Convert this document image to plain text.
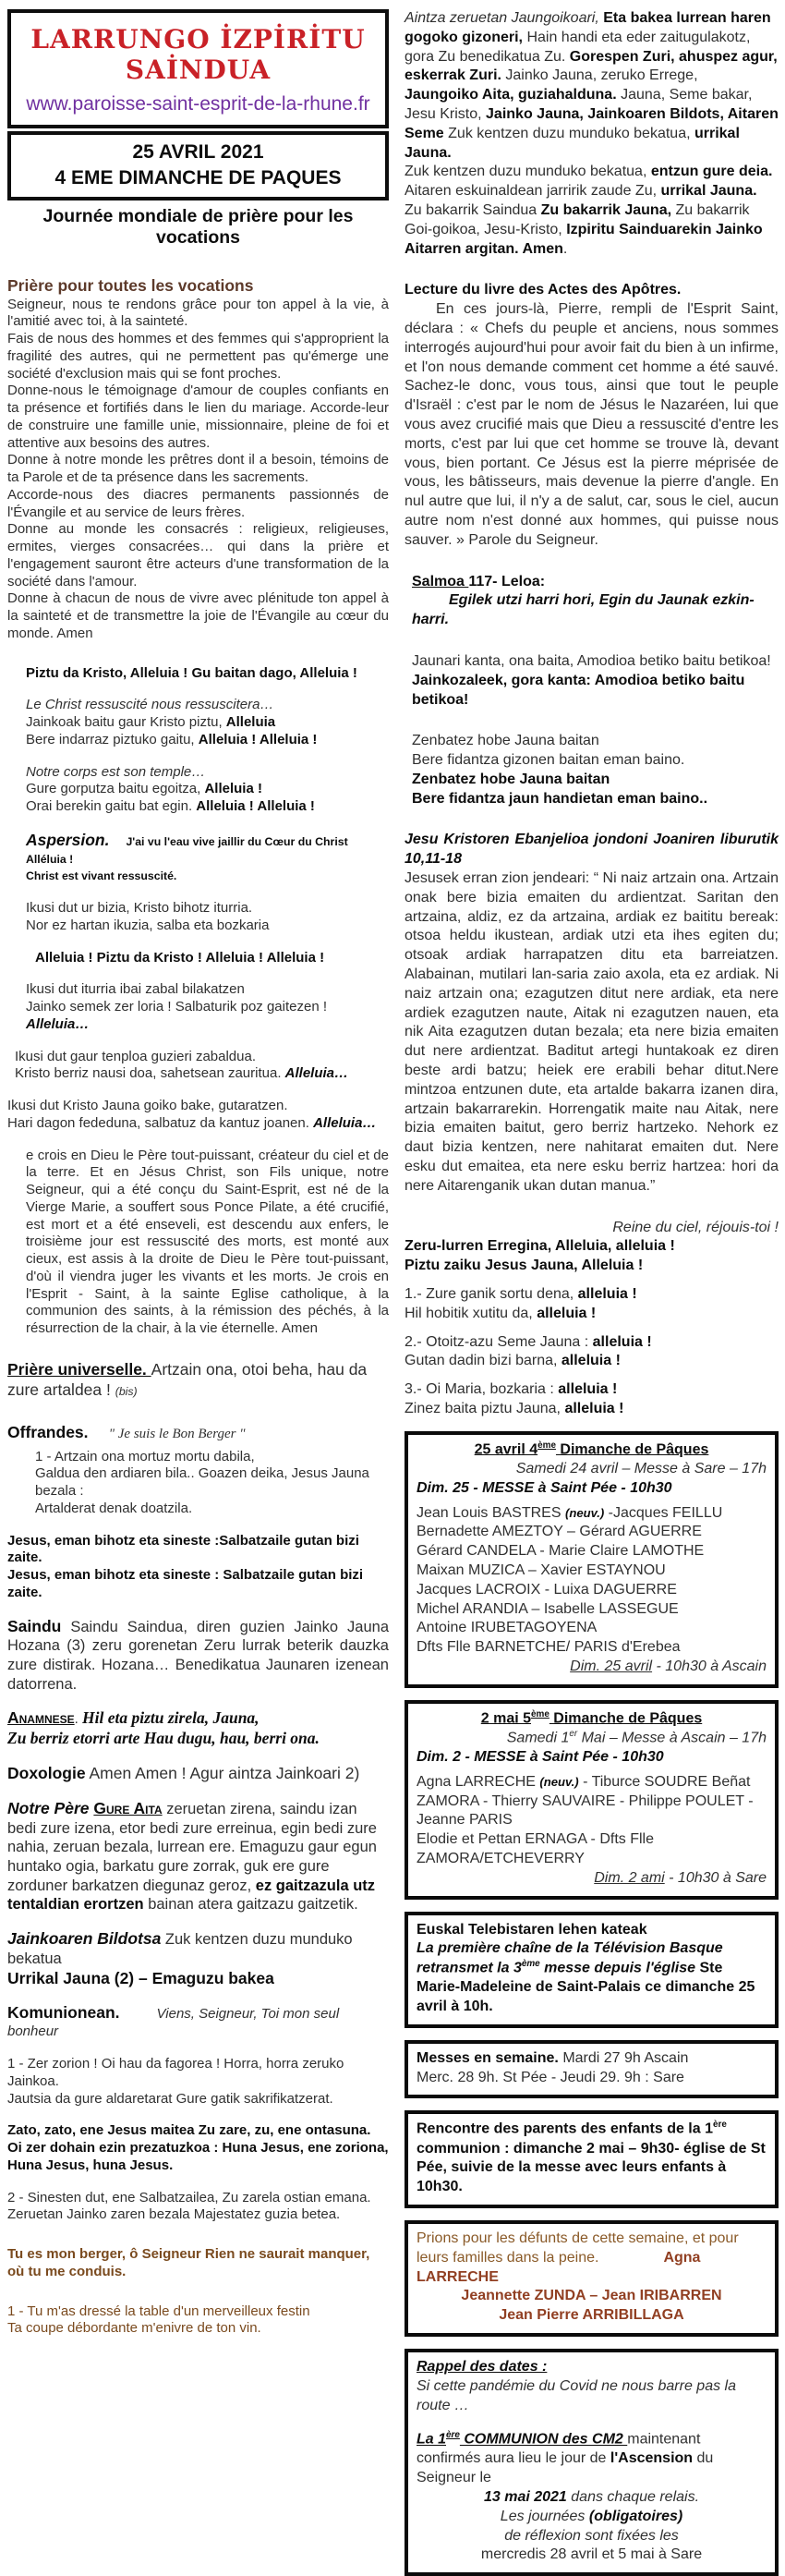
LARRUNGO İZPİRİTU SAİNDUA
www.paroisse-saint-esprit-de-la-rhune.fr
25 AVRIL 2021
4 EME DIMANCHE DE PAQUES
Journée mondiale de prière pour les vocations
Prière pour toutes les vocations
Seigneur, nous te rendons grâce pour ton appel à la vie, à l'amitié avec toi, à la sainteté.
Fais de nous des hommes et des femmes qui s'approprient la fragilité des autres, qui ne permettent pas qu'émerge une société d'exclusion mais qui se font proches.
Donne-nous le témoignage d'amour de couples confiants en ta présence et fortifiés dans le lien du mariage. Accorde-leur de construire une famille unie, missionnaire, pleine de foi et attentive aux besoins des autres.
Donne à notre monde les prêtres dont il a besoin, témoins de ta Parole et de ta présence dans les sacrements.
Accorde-nous des diacres permanents passionnés de l'Évangile et au service de leurs frères.
Donne au monde les consacrés : religieux, religieuses, ermites, vierges consacrées… qui dans la prière et l'engagement sauront être acteurs d'une transformation de la société dans l'amour.
Donne à chacun de nous de vivre avec plénitude ton appel à la sainteté et de transmettre la joie de l'Évangile au cœur du monde. Amen
Piztu da Kristo, Alleluia ! Gu baitan dago, Alleluia !
Le Christ ressuscité nous ressuscitera…
Jainkoak baitu gaur Kristo piztu, Alleluia
Bere indarraz piztuko gaitu, Alleluia ! Alleluia !
Notre corps est son temple…
Gure gorputza baitu egoitza, Alleluia !
Orai berekin gaitu bat egin. Alleluia ! Alleluia !
Aspersion. J'ai vu l'eau vive jaillir du Cœur du Christ Alléluia !
Christ est vivant ressuscité.
Ikusi dut ur bizia, Kristo bihotz iturria.
Nor ez hartan ikuzia, salba eta bozkaria
Alleluia ! Piztu da Kristo ! Alleluia ! Alleluia !
Ikusi dut iturria ibai zabal bilakatzen
Jainko semek zer loria ! Salbaturik poz gaitezen !
Alleluia…
Ikusi dut gaur tenploa guzieri zabaldua.
Kristo berriz nausi doa, sahetsean zauritua. Alleluia…
Ikusi dut Kristo Jauna goiko bake, gutaratzen.
Hari dagon fededuna, salbatuz da kantuz joanen. Alleluia…
e crois en Dieu le Père tout-puissant, créateur du ciel et de la terre. Et en Jésus Christ, son Fils unique, notre Seigneur, qui a été conçu du Saint-Esprit, est né de la Vierge Marie, a souffert sous Ponce Pilate, a été crucifié, est mort et a été enseveli, est descendu aux enfers, le troisième jour est ressuscité des morts, est monté aux cieux, est assis à la droite de Dieu le Père tout-puissant, d'où il viendra juger les vivants et les morts. Je crois en l'Esprit - Saint, à la sainte Eglise catholique, à la communion des saints, à la rémission des péchés, à la résurrection de la chair, à la vie éternelle. Amen
Prière universelle. Artzain ona, otoi beha, hau da zure artaldea ! (bis)
Offrandes. " Je suis le Bon Berger "
1 - Artzain ona mortuz mortu dabila,
Galdua den ardiaren bila.. Goazen deika, Jesus Jauna bezala :
Artalderat denak doatzila.
Jesus, eman bihotz eta sineste :Salbatzaile gutan bizi zaite.
Jesus, eman bihotz eta sineste : Salbatzaile gutan bizi zaite.
Saindu Saindu Saindua, diren guzien Jainko Jauna Hozana (3) zeru gorenetan Zeru lurrak beterik dauzka zure distirak. Hozana… Benedikatua Jaunaren izenean datorrena.
Anamnese. Hil eta piztu zirela, Jauna,
Zu berriz etorri arte Hau dugu, hau, berri ona.
Doxologie Amen Amen ! Agur aintza Jainkoari 2)
Notre Père Gure Aita zeruetan zirena, saindu izan bedi zure izena, etor bedi zure erreinua, egin bedi zure nahia, zeruan bezala, lurrean ere. Emaguzu gaur egun huntako ogia, barkatu gure zorrak, guk ere gure zorduner barkatzen diegunaz geroz, ez gaitzazula utz tentaldian erortzen bainan atera gaitzazu gaitzetik.
Jainkoaren Bildotsa Zuk kentzen duzu munduko bekatua
Urrikal Jauna (2) – Emaguzu bakea
Komunionean.	Viens, Seigneur, Toi mon seul bonheur
1 - Zer zorion ! Oi hau da fagorea ! Horra, horra zeruko Jainkoa.
Jautsia da gure aldaretarat Gure gatik sakrifikatzerat.
Zato, zato, ene Jesus maitea Zu zare, zu, ene ontasuna.
Oi zer dohain ezin prezatuzkoa : Huna Jesus, ene zoriona,
Huna Jesus, huna Jesus.
2 - Sinesten dut, ene Salbatzailea, Zu zarela ostian emana.
Zeruetan Jainko zaren bezala Majestatez guzia betea.
Tu es mon berger, ô Seigneur Rien ne saurait manquer,
où tu me conduis.
1 - Tu m'as dressé la table d'un merveilleux festin
Ta coupe débordante m'enivre de ton vin.
Aintza zeruetan Jaungoikoari, Eta bakea lurrean haren gogoko gizoneri, Hain handi eta eder zaitugulakotz, gora Zu benedikatua Zu. Gorespen Zuri, ahuspez agur, eskerrak Zuri. Jainko Jauna, zeruko Errege,
Jaungoiko Aita, guziahalduna. Jauna, Seme bakar, Jesu Kristo, Jainko Jauna, Jainkoaren Bildots, Aitaren Seme Zuk kentzen duzu munduko bekatua, urrikal Jauna.
Zuk kentzen duzu munduko bekatua, entzun gure deia.
Aitaren eskuinaldean jarririk zaude Zu, urrikal Jauna.
Zu bakarrik Saindua Zu bakarrik Jauna, Zu bakarrik Goi-goikoa, Jesu-Kristo, Izpiritu Sainduarekin Jainko Aitarren argitan. Amen.
Lecture du livre des Actes des Apôtres.
En ces jours-là, Pierre, rempli de l'Esprit Saint, déclara : « Chefs du peuple et anciens, nous sommes interrogés aujourd'hui pour avoir fait du bien à un infirme, et l'on nous demande comment cet homme a été sauvé. Sachez-le donc, vous tous, ainsi que tout le peuple d'Israël : c'est par le nom de Jésus le Nazaréen, lui que vous avez crucifié mais que Dieu a ressuscité d'entre les morts, c'est par lui que cet homme se trouve là, devant vous, bien portant. Ce Jésus est la pierre méprisée de vous, les bâtisseurs, mais devenue la pierre d'angle. En nul autre que lui, il n'y a de salut, car, sous le ciel, aucun autre nom n'est donné aux hommes, qui puisse nous sauver. » Parole du Seigneur.
Salmoa 117- Leloa:
Egilek utzi harri hori, Egin du Jaunak ezkin-harri.
Jaunari kanta, ona baita, Amodioa betiko baitu betikoa!
Jainkozaleek, gora kanta: Amodioa betiko baitu betikoa!
Zenbatez hobe Jauna baitan
Bere fidantza gizonen baitan eman baino.
Zenbatez hobe Jauna baitan
Bere fidantza jaun handietan eman baino..
Jesu Kristoren Ebanjelioa jondoni Joaniren liburutik 10,11-18
Jesusek erran zion jendeari: “ Ni naiz artzain ona. Artzain onak bere bizia emaiten du ardientzat. Saritan den artzaina, aldiz, ez da artzaina, ardiak ez baititu bereak: otsoa heldu ikustean, ardiak utzi eta ihes egiten du; otsoak ardiak harrapatzen ditu eta barreiatzen. Alabainan, mutilari lan-saria zaio axola, eta ez ardiak. Ni naiz artzain ona; ezagutzen ditut nere ardiak, eta nere ardiek ezagutzen naute, Aitak ni ezagutzen nauen, eta nik Aita ezagutzen dutan bezala; eta nere bizia emaiten dut nere ardientzat. Baditut artegi huntakoak ez diren beste ardi batzu; heiek ere erabili behar ditut.Nere mintzoa entzunen dute, eta artalde bakarra izanen dira, artzain bakarrarekin. Horrengatik maite nau Aitak, nere bizia emaiten baitut, gero berriz hartzeko. Nehork ez daut bizia kentzen, nere nahitarat emaiten dut. Nere esku dut emaitea, eta nere esku berriz hartzea: hori da nere Aitarenganik ukan dutan manua.”
Reine du ciel, réjouis-toi !
Zeru-lurren Erregina, Alleluia, alleluia !
Piztu zaiku Jesus Jauna, Alleluia !
1.- Zure ganik sortu dena, alleluia !
Hil hobitik xutitu da, alleluia !
2.- Otoitz-azu Seme Jauna : alleluia !
Gutan dadin bizi barna, alleluia !
3.- Oi Maria, bozkaria : alleluia !
Zinez baita piztu Jauna, alleluia !
25 avril 4ème Dimanche de Pâques
Samedi 24 avril – Messe à Sare – 17h
Dim. 25 - MESSE à Saint Pée - 10h30
Jean Louis BASTRES (neuv.) -Jacques FEILLU
Bernadette AMEZTOY – Gérard AGUERRE
Gérard CANDELA - Marie Claire LAMOTHE
Maixan MUZICA – Xavier ESTAYNOU
Jacques LACROIX - Luixa DAGUERRE
Michel ARANDIA – Isabelle LASSEGUE
Antoine IRUBETAGOYENA
Dfts Flle BARNETCHE/ PARIS d'Erebea
Dim. 25 avril - 10h30 à Ascain
2 mai 5ème Dimanche de Pâques
Samedi 1er Mai – Messe à Ascain – 17h
Dim. 2 - MESSE à Saint Pée - 10h30
Agna LARRECHE (neuv.) - Tiburce SOUDRE Beñat ZAMORA - Thierry SAUVAIRE - Philippe POULET - Jeanne PARIS
Elodie et Pettan ERNAGA - Dfts Flle ZAMORA/ETCHEVERRY
Dim. 2 ami - 10h30 à Sare
Euskal Telebistaren lehen kateak
La première chaîne de la Télévision Basque retransmet la 3ème messe depuis l'église Ste Marie-Madeleine de Saint-Palais ce dimanche 25 avril à 10h.
Messes en semaine. Mardi 27 9h Ascain
Merc. 28 9h. St Pée - Jeudi 29. 9h : Sare
Rencontre des parents des enfants de la 1ère communion : dimanche 2 mai – 9h30- église de St Pée, suivie de la messe avec leurs enfants à 10h30.
Prions pour les défunts de cette semaine, et pour leurs familles dans la peine.	Agna LARRECHE
Jeannette ZUNDA – Jean IRIBARREN
Jean Pierre ARRIBILLAGA
Rappel des dates :
Si cette pandémie du Covid ne nous barre pas la route …
La 1ère COMMUNION des CM2 maintenant confirmés aura lieu le jour de l'Ascension du Seigneur le
13 mai 2021 dans chaque relais.
Les journées (obligatoires)
de réflexion sont fixées les
mercredis 28 avril et 5 mai à Sare
